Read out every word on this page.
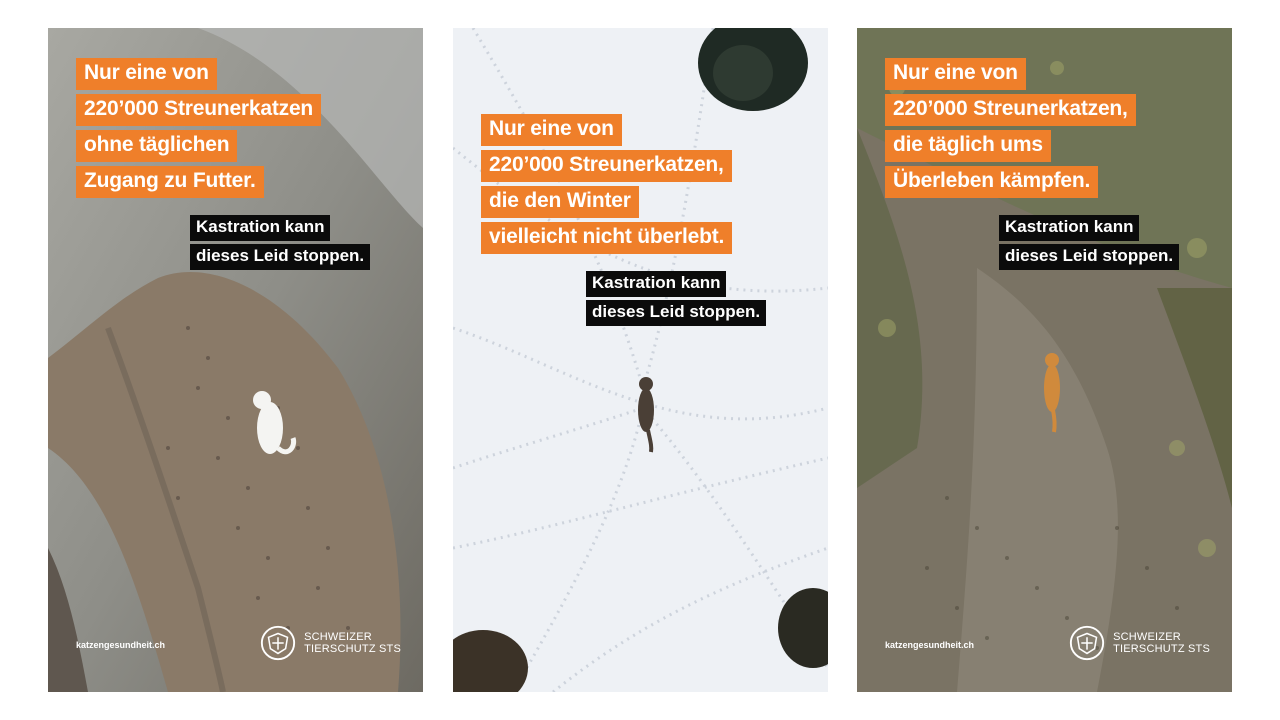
Nur eine von
220’000 Streunerkatzen
ohne täglichen
Zugang zu Futter.
Kastration kann
dieses Leid stoppen.
katzengesundheit.ch
SCHWEIZER
TIERSCHUTZ STS
Nur eine von
220’000 Streunerkatzen,
die den Winter
vielleicht nicht überlebt.
Kastration kann
dieses Leid stoppen.
Nur eine von
220’000 Streunerkatzen,
die täglich ums
Überleben kämpfen.
Kastration kann
dieses Leid stoppen.
katzengesundheit.ch
SCHWEIZER
TIERSCHUTZ STS
